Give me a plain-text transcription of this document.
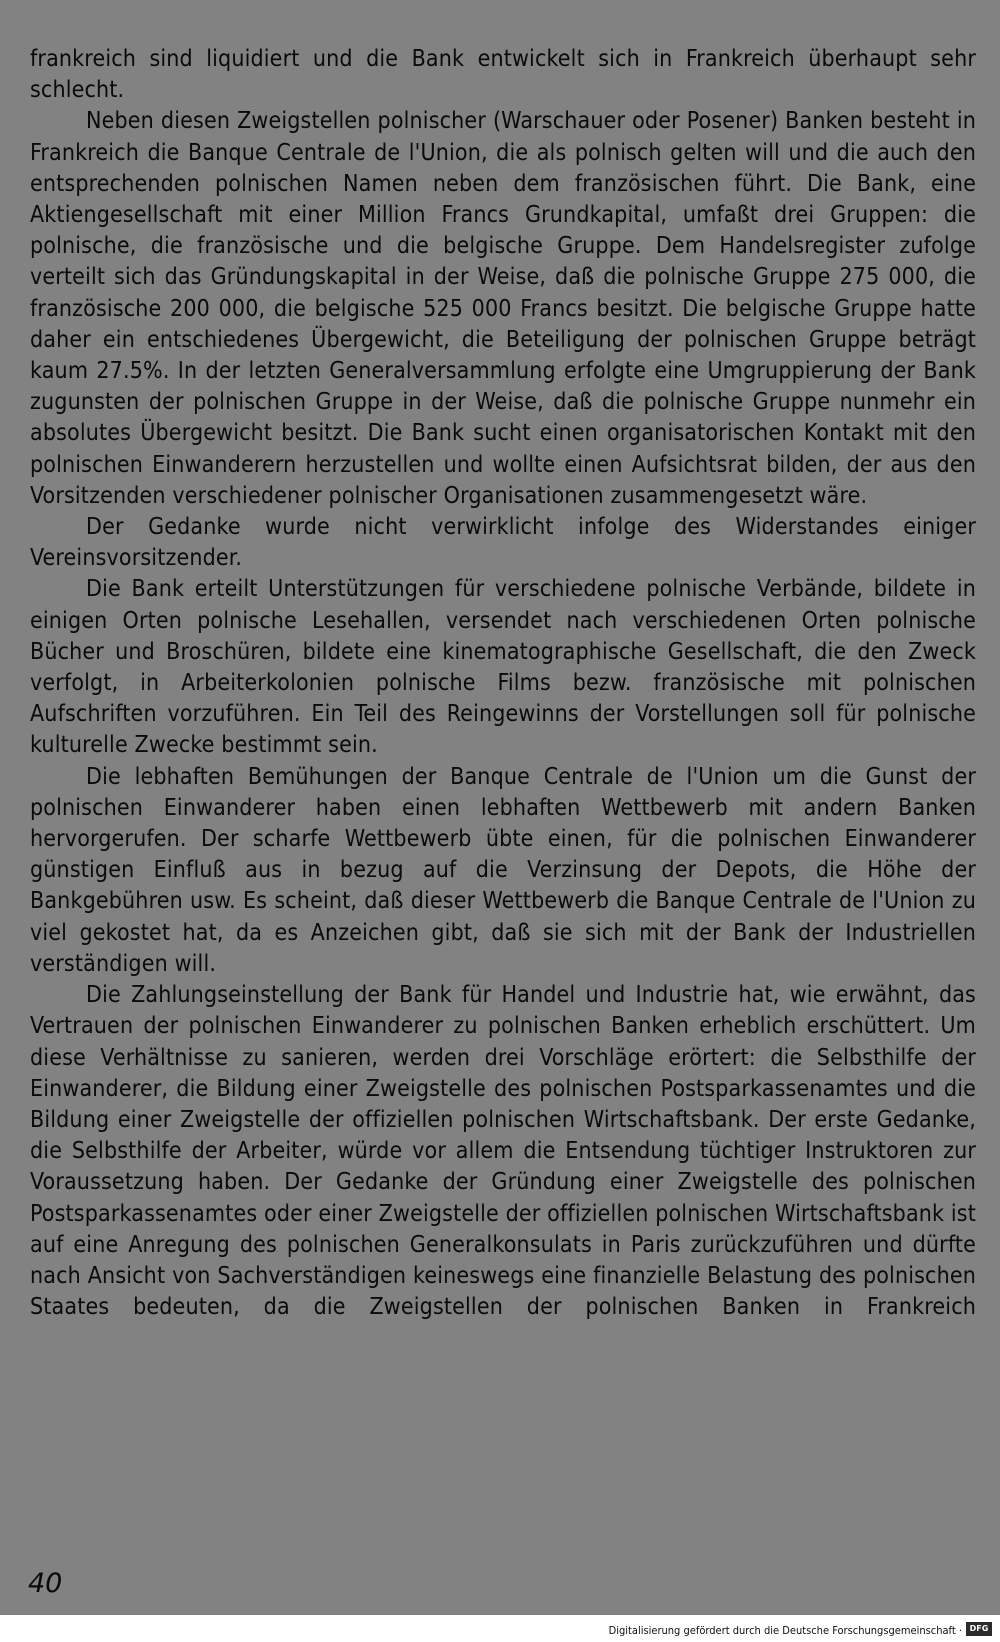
frankreich sind liquidiert und die Bank entwickelt sich in Frankreich überhaupt sehr schlecht.

Neben diesen Zweigstellen polnischer (Warschauer oder Posener) Banken besteht in Frankreich die Banque Centrale de l'Union, die als polnisch gelten will und die auch den entsprechenden polnischen Namen neben dem französischen führt. Die Bank, eine Aktiengesellschaft mit einer Million Francs Grundkapital, umfaßt drei Gruppen: die polnische, die französische und die belgische Gruppe. Dem Handelsregister zufolge verteilt sich das Gründungskapital in der Weise, daß die polnische Gruppe 275 000, die französische 200 000, die belgische 525 000 Francs besitzt. Die belgische Gruppe hatte daher ein entschiedenes Übergewicht, die Beteiligung der polnischen Gruppe beträgt kaum 27.5%. In der letzten Generalversammlung erfolgte eine Umgruppierung der Bank zugunsten der polnischen Gruppe in der Weise, daß die polnische Gruppe nunmehr ein absolutes Übergewicht besitzt. Die Bank sucht einen organisatorischen Kontakt mit den polnischen Einwanderern herzustellen und wollte einen Aufsichtsrat bilden, der aus den Vorsitzenden verschiedener polnischer Organisationen zusammengesetzt wäre.

Der Gedanke wurde nicht verwirklicht infolge des Widerstandes einiger Vereinsvorsitzender.

Die Bank erteilt Unterstützungen für verschiedene polnische Verbände, bildete in einigen Orten polnische Lesehallen, versendet nach verschiedenen Orten polnische Bücher und Broschüren, bildete eine kinematographische Gesellschaft, die den Zweck verfolgt, in Arbeiterkolonien polnische Films bezw. französische mit polnischen Aufschriften vorzuführen. Ein Teil des Reingewinns der Vorstellungen soll für polnische kulturelle Zwecke bestimmt sein.

Die lebhaften Bemühungen der Banque Centrale de l'Union um die Gunst der polnischen Einwanderer haben einen lebhaften Wettbewerb mit andern Banken hervorgerufen. Der scharfe Wettbewerb übte einen, für die polnischen Einwanderer günstigen Einfluß aus in bezug auf die Verzinsung der Depots, die Höhe der Bankgebühren usw. Es scheint, daß dieser Wettbewerb die Banque Centrale de l'Union zu viel gekostet hat, da es Anzeichen gibt, daß sie sich mit der Bank der Industriellen verständigen will.

Die Zahlungseinstellung der Bank für Handel und Industrie hat, wie erwähnt, das Vertrauen der polnischen Einwanderer zu polnischen Banken erheblich erschüttert. Um diese Verhältnisse zu sanieren, werden drei Vorschläge erörtert: die Selbsthilfe der Einwanderer, die Bildung einer Zweigstelle des polnischen Postsparkassenamtes und die Bildung einer Zweigstelle der offiziellen polnischen Wirtschaftsbank. Der erste Gedanke, die Selbsthilfe der Arbeiter, würde vor allem die Entsendung tüchtiger Instruktoren zur Voraussetzung haben. Der Gedanke der Gründung einer Zweigstelle des polnischen Postsparkassenamtes oder einer Zweigstelle der offiziellen polnischen Wirtschaftsbank ist auf eine Anregung des polnischen Generalkonsulats in Paris zurückzuführen und dürfte nach Ansicht von Sachverständigen keineswegs eine finanzielle Belastung des polnischen Staates bedeuten, da die Zweigstellen der polnischen Banken in Frankreich

40
Digitalisierung gefördert durch die Deutsche Forschungsgemeinschaft · DFG
